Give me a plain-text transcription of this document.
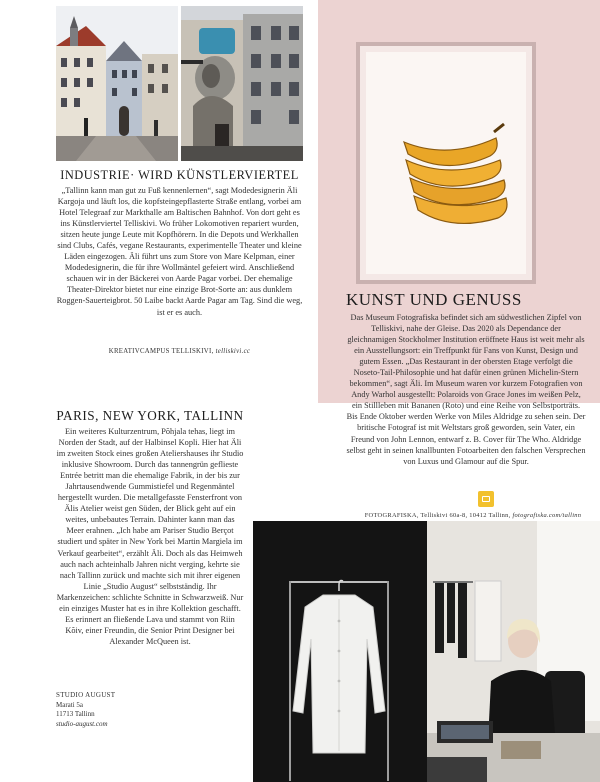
INDUSTRIE· WIRD KÜNSTLERVIERTEL

„Tallinn kann man gut zu Fuß kennenlernen“, sagt Modedesignerin Äli Kargoja und läuft los, die kopfsteingepflasterte Straße entlang, vorbei am Hotel Telegraaf zur Markthalle am Baltischen Bahnhof. Von dort geht es ins Künstlerviertel Telliskivi. Wo früher Lokomotiven repariert wurden, sitzen heute junge Leute mit Kopfhörern. In die Depots und Werkhallen sind Clubs, Cafés, vegane Restaurants, experimentelle Theater und kleine Läden eingezogen. Äli führt uns zum Store von Mare Kelpman, einer Modedesignerin, die für ihre Wollmäntel gefeiert wird. Anschließend schauen wir in der Bäckerei von Aarde Pagar vorbei. Der ehemalige Theater-Direktor bietet nur eine einzige Brot-Sorte an: aus dunklem Roggen-Sauerteigbrot. 50 Laibe backt Aarde Pagar am Tag. Sind die weg, ist er es auch.

KREATIVCAMPUS TELLISKIVI, telliskivi.cc
KUNST UND GENUSS

Das Museum Fotografiska befindet sich am südwestlichen Zipfel von Telliskivi, nahe der Gleise. Das 2020 als Dependance der gleichnamigen Stockholmer Institution eröffnete Haus ist weit mehr als ein Ausstellungsort: ein Treffpunkt für Fans von Kunst, Design und gutem Essen. „Das Restaurant in der obersten Etage verfolgt die Noseto-Tail-Philosophie und hat dafür einen grünen Michelin-Stern bekommen“, sagt Äli. Im Museum waren vor kurzem Fotografien von Andy Warhol ausgestellt: Polaroids von Grace Jones im weißen Pelz, ein Stillleben mit Bananen (Roto) und eine Reihe von Selbstporträts. Bis Ende Oktober werden Werke von Miles Aldridge zu sehen sein. Der britische Fotograf ist mit Weltstars groß geworden, sein Vater, ein Freund von John Lennon, entwarf z. B. Cover für The Who. Aldridge selbst geht in seinen knallbunten Fotoarbeiten den falschen Versprechen von Luxus und Glamour auf die Spur.

FOTOGRAFISKA, Telliskivi 60a-8, 10412 Tallinn, fotografiska.com/tallinn
PARIS, NEW YORK, TALLINN

Ein weiteres Kulturzentrum, Põhjala tehas, liegt im Norden der Stadt, auf der Halbinsel Kopli. Hier hat Äli im zweiten Stock eines großen Ateliershauses ihr Studio inklusive Showroom. Durch das tannengrün geflieste Entrée betritt man die ehemalige Fabrik, in der bis zur Jahrtausendwende Gummistiefel und Regenmäntel hergestellt wurden. Die metallgefasste Fensterfront von Älis Atelier weist gen Süden, der Blick geht auf ein weites, unbebautes Terrain. Dahinter kann man das Meer erahnen. „Ich habe am Pariser Studio Berçot studiert und später in New York bei Martin Margiela im Verkauf gearbeitet“, erzählt Äli. Doch als das Heimweh auch nach achteinhalb Jahren nicht verging, kehrte sie nach Tallinn zurück und machte sich mit ihrer eigenen Linie „Studio August“ selbstständig. Ihr Markenzeichen: schlichte Schnitte in Schwarzweiß. Nur ein einziges Muster hat es in ihre Kollektion geschafft. Es erinnert an fließende Lava und stammt von Riin Kõiv, einer Freundin, die Senior Print Designer bei Alexander McQueen ist.

STUDIO AUGUST
Marati 5a
11713 Tallinn
studio-august.com
